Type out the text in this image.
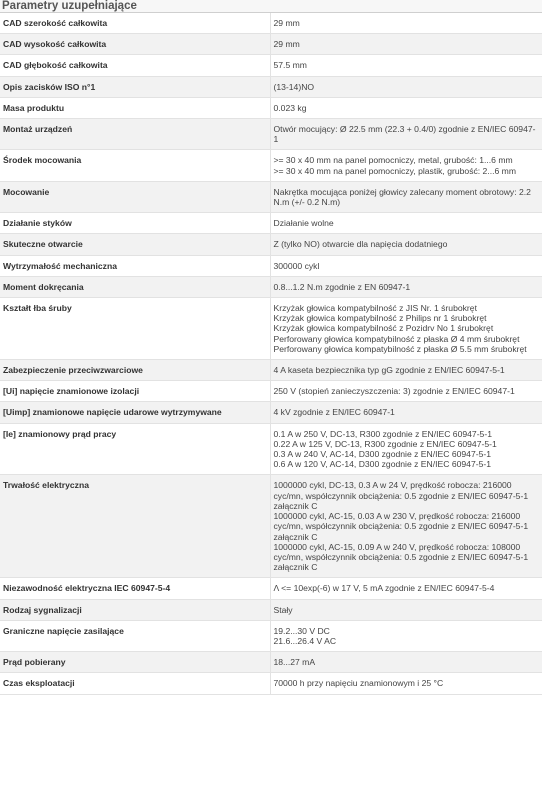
Parametry uzupełniające
CAD szerokość całkowita	29 mm

CAD wysokość całkowita	29 mm

CAD głębokość całkowita	57.5 mm

Opis zacisków ISO n°1	(13-14)NO

Masa produktu	0.023 kg

Montaż urządzeń	Otwór mocujący: Ø 22.5 mm (22.3 + 0.4/0) zgodnie z EN/IEC 60947-1

Środek mocowania	>= 30 x 40 mm na panel pomocniczy, metal, grubość: 1...6 mm
>= 30 x 40 mm na panel pomocniczy, plastik, grubość: 2...6 mm

Mocowanie	Nakrętka mocująca poniżej głowicy zalecany moment obrotowy: 2.2 N.m (+/- 0.2 N.m)

Działanie styków	Działanie wolne

Skuteczne otwarcie	Z (tylko NO) otwarcie dla napięcia dodatniego

Wytrzymałość mechaniczna	300000 cykl

Moment dokręcania	0.8...1.2 N.m zgodnie z EN 60947-1

Kształt łba śruby	Krzyżak głowica kompatybilność z JIS Nr. 1 śrubokręt
Krzyżak głowica kompatybilność z Philips nr 1 śrubokręt
Krzyżak głowica kompatybilność z Pozidrv No 1 śrubokręt
Perforowany głowica kompatybilność z płaska Ø 4 mm śrubokręt
Perforowany głowica kompatybilność z płaska Ø 5.5 mm śrubokręt

Zabezpieczenie przeciwzwarciowe	4 A kaseta bezpiecznika typ gG zgodnie z EN/IEC 60947-5-1

[Ui] napięcie znamionowe izolacji	250 V (stopień zanieczyszczenia: 3) zgodnie z EN/IEC 60947-1

[Uimp] znamionowe napięcie udarowe wytrzymywane	4 kV zgodnie z EN/IEC 60947-1

[Ie] znamionowy prąd pracy	0.1 A w 250 V, DC-13, R300 zgodnie z EN/IEC 60947-5-1
0.22 A w 125 V, DC-13, R300 zgodnie z EN/IEC 60947-5-1
0.3 A w 240 V, AC-14, D300 zgodnie z EN/IEC 60947-5-1
0.6 A w 120 V, AC-14, D300 zgodnie z EN/IEC 60947-5-1

Trwałość elektryczna	1000000 cykl, DC-13, 0.3 A w 24 V, prędkość robocza: 216000 cyc/mn, współczynnik obciążenia: 0.5 zgodnie z EN/IEC 60947-5-1 załącznik C
1000000 cykl, AC-15, 0.03 A w 230 V, prędkość robocza: 216000 cyc/mn, współczynnik obciążenia: 0.5 zgodnie z EN/IEC 60947-5-1 załącznik C
1000000 cykl, AC-15, 0.09 A w 240 V, prędkość robocza: 108000 cyc/mn, współczynnik obciążenia: 0.5 zgodnie z EN/IEC 60947-5-1 załącznik C

Niezawodność elektryczna IEC 60947-5-4	Λ <= 10exp(-6) w 17 V, 5 mA zgodnie z EN/IEC 60947-5-4

Rodzaj sygnalizacji	Stały

Graniczne napięcie zasilające	19.2...30 V DC
21.6...26.4 V AC

Prąd pobierany	18...27 mA

Czas eksploatacji	70000 h przy napięciu znamionowym i 25 °C
